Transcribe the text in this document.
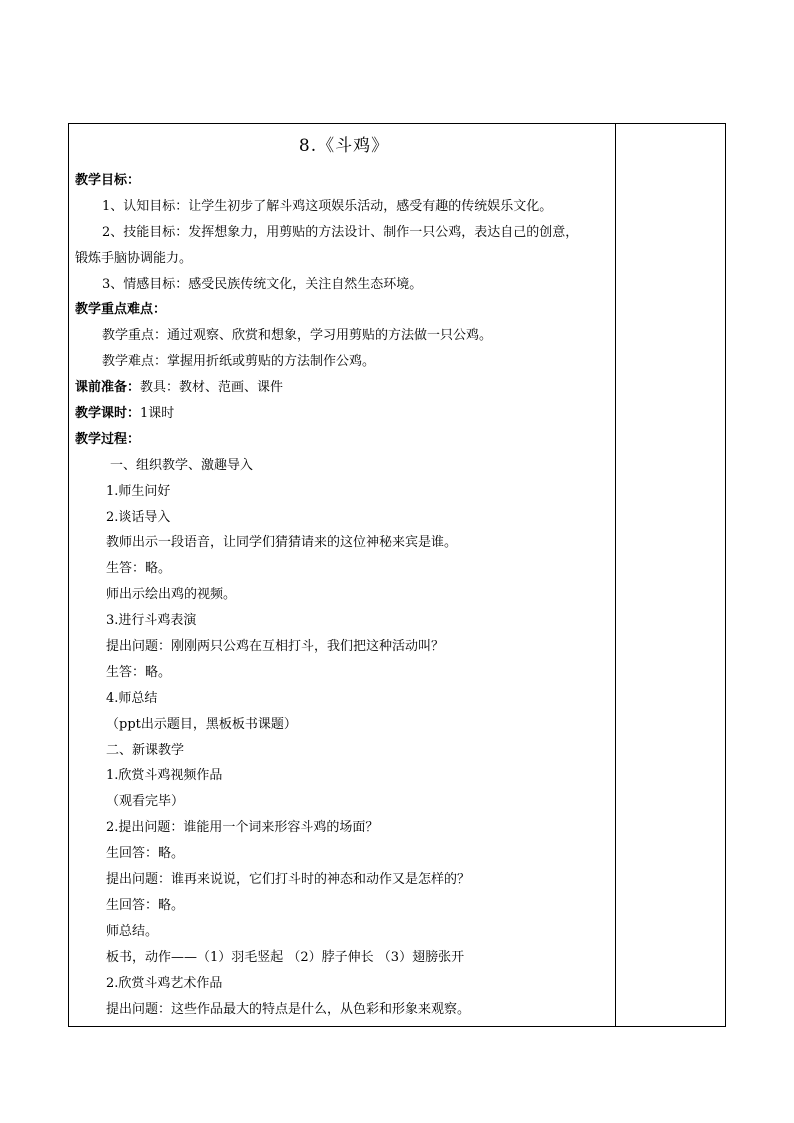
8.《斗鸡》
教学目标：
1、认知目标：让学生初步了解斗鸡这项娱乐活动，感受有趣的传统娱乐文化。
2、技能目标：发挥想象力，用剪贴的方法设计、制作一只公鸡，表达自己的创意，
锻炼手脑协调能力。
3、情感目标：感受民族传统文化，关注自然生态环境。
教学重点难点：
教学重点：通过观察、欣赏和想象，学习用剪贴的方法做一只公鸡。
教学难点：掌握用折纸或剪贴的方法制作公鸡。
课前准备：教具：教材、范画、课件
教学课时：1课时
教学过程：
一、组织教学、激趣导入
1.师生问好
2.谈话导入
教师出示一段语音，让同学们猜猜请来的这位神秘来宾是谁。
生答：略。
师出示绘出鸡的视频。
3.进行斗鸡表演
提出问题：刚刚两只公鸡在互相打斗，我们把这种活动叫？
生答：略。
4.师总结
（ppt出示题目，黑板板书课题）
二、新课教学
1.欣赏斗鸡视频作品
（观看完毕）
2.提出问题：谁能用一个词来形容斗鸡的场面？
生回答：略。
提出问题：谁再来说说，它们打斗时的神态和动作又是怎样的？
生回答：略。
师总结。
板书，动作——（1）羽毛竖起 （2）脖子伸长 （3）翅膀张开
2.欣赏斗鸡艺术作品
提出问题：这些作品最大的特点是什么，从色彩和形象来观察。
